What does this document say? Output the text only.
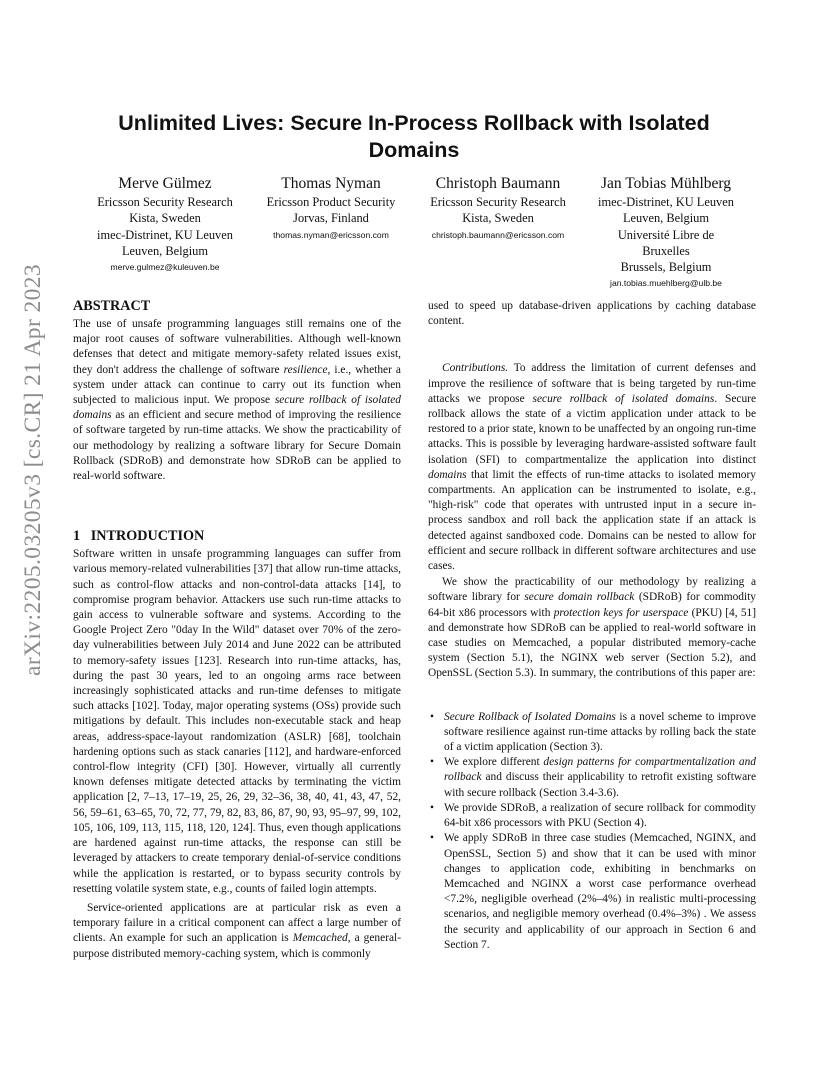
arXiv:2205.03205v3 [cs.CR] 21 Apr 2023
Unlimited Lives: Secure In-Process Rollback with Isolated Domains
Merve Gülmez
Ericsson Security Research
Kista, Sweden
imec-Distrinet, KU Leuven
Leuven, Belgium
merve.gulmez@kuleuven.be
Thomas Nyman
Ericsson Product Security
Jorvas, Finland
thomas.nyman@ericsson.com
Christoph Baumann
Ericsson Security Research
Kista, Sweden
christoph.baumann@ericsson.com
Jan Tobias Mühlberg
imec-Distrinet, KU Leuven
Leuven, Belgium
Université Libre de
Bruxelles
Brussels, Belgium
jan.tobias.muehlberg@ulb.be
ABSTRACT

The use of unsafe programming languages still remains one of the major root causes of software vulnerabilities. Although well-known defenses that detect and mitigate memory-safety related issues exist, they don't address the challenge of software resilience, i.e., whether a system under attack can continue to carry out its function when subjected to malicious input. We propose secure rollback of isolated domains as an efficient and secure method of improving the resilience of software targeted by run-time attacks. We show the practicability of our methodology by realizing a software library for Secure Domain Rollback (SDRoB) and demonstrate how SDRoB can be applied to real-world software.

1   INTRODUCTION

Software written in unsafe programming languages can suffer from various memory-related vulnerabilities [37] that allow run-time attacks, such as control-flow attacks and non-control-data attacks [14], to compromise program behavior. Attackers use such run-time attacks to gain access to vulnerable software and systems. According to the Google Project Zero "0day In the Wild" dataset over 70% of the zero-day vulnerabilities between July 2014 and June 2022 can be attributed to memory-safety issues [123]. Research into run-time attacks, has, during the past 30 years, led to an ongoing arms race between increasingly sophisticated attacks and run-time defenses to mitigate such attacks [102]. Today, major operating systems (OSs) provide such mitigations by default. This includes non-executable stack and heap areas, address-space-layout randomization (ASLR) [68], toolchain hardening options such as stack canaries [112], and hardware-enforced control-flow integrity (CFI) [30]. However, virtually all currently known defenses mitigate detected attacks by terminating the victim application [2, 7–13, 17–19, 25, 26, 29, 32–36, 38, 40, 41, 43, 47, 52, 56, 59–61, 63–65, 70, 72, 77, 79, 82, 83, 86, 87, 90, 93, 95–97, 99, 102, 105, 106, 109, 113, 115, 118, 120, 124]. Thus, even though applications are hardened against run-time attacks, the response can still be leveraged by attackers to create temporary denial-of-service conditions while the application is restarted, or to bypass security controls by resetting volatile system state, e.g., counts of failed login attempts.

Service-oriented applications are at particular risk as even a temporary failure in a critical component can affect a large number of clients. An example for such an application is Memcached, a general-purpose distributed memory-caching system, which is commonly

used to speed up database-driven applications by caching database content.

Contributions. To address the limitation of current defenses and improve the resilience of software that is being targeted by run-time attacks we propose secure rollback of isolated domains. Secure rollback allows the state of a victim application under attack to be restored to a prior state, known to be unaffected by an ongoing run-time attacks. This is possible by leveraging hardware-assisted software fault isolation (SFI) to compartmentalize the application into distinct domains that limit the effects of run-time attacks to isolated memory compartments. An application can be instrumented to isolate, e.g., "high-risk" code that operates with untrusted input in a secure in-process sandbox and roll back the application state if an attack is detected against sandboxed code. Domains can be nested to allow for efficient and secure rollback in different software architectures and use cases.

We show the practicability of our methodology by realizing a software library for secure domain rollback (SDRoB) for commodity 64-bit x86 processors with protection keys for userspace (PKU) [4, 51] and demonstrate how SDRoB can be applied to real-world software in case studies on Memcached, a popular distributed memory-cache system (Section 5.1), the NGINX web server (Section 5.2), and OpenSSL (Section 5.3). In summary, the contributions of this paper are:

• Secure Rollback of Isolated Domains is a novel scheme to improve software resilience against run-time attacks by rolling back the state of a victim application (Section 3).
• We explore different design patterns for compartmentalization and rollback and discuss their applicability to retrofit existing software with secure rollback (Section 3.4-3.6).
• We provide SDRoB, a realization of secure rollback for commodity 64-bit x86 processors with PKU (Section 4).
• We apply SDRoB in three case studies (Memcached, NGINX, and OpenSSL, Section 5) and show that it can be used with minor changes to application code, exhibiting in benchmarks on Memcached and NGINX a worst case performance overhead <7.2%, negligible overhead (2%–4%) in realistic multi-processing scenarios, and negligible memory overhead (0.4%–3%) . We assess the security and applicability of our approach in Section 6 and Section 7.
